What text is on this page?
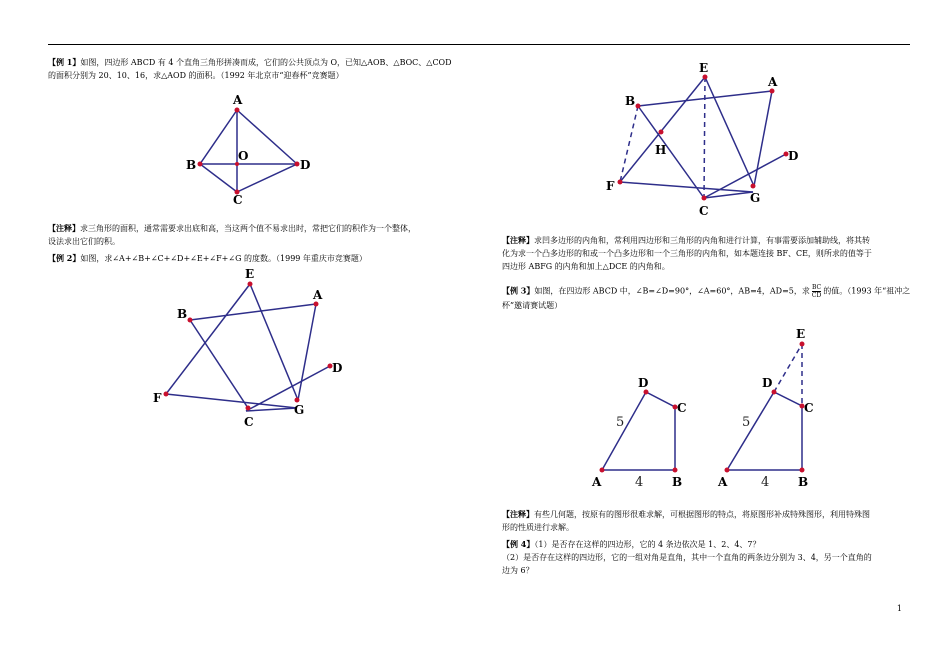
【例 1】如图，四边形 ABCD 有 4 个直角三角形拼凑而成，它们的公共顶点为 O，已知△AOB、△BOC、△COD
的面积分别为 20、10、16，求△AOD 的面积。（1992 年北京市“迎春杯”竞赛题）

A
B
O
D
C

【注释】求三角形的面积，通常需要求出底和高，当这两个值不易求出时，常把它们的积作为一个整体，
设法求出它们的积。

【例 2】如图，求∠A+∠B+∠C+∠D+∠E+∠F+∠G 的度数。（1999 年重庆市竞赛题）

E
A
B
D
F
G
C
E
A
B
H	D
F
G
C

【注释】求凹多边形的内角和，常利用四边形和三角形的内角和进行计算，有事需要添加辅助线，将其转
化为求一个凸多边形的和或一个凸多边形和一个三角形的内角和，如本题连接 BF、CE，则所求的值等于
四边形 ABFG 的内角和加上△DCE 的内角和。

【例 3】如图，在四边形 ABCD 中，∠B=∠D=90°，∠A=60°，AB=4，AD=5，求 $\frac{BC}{CD}$ 的值。（1993 年“祖冲之
杯”邀请赛试题）

D
C
A	B
5
4
E
D
C
A	B
5
4

【注释】有些几何题，按原有的图形很难求解，可根据图形的特点，将原图形补成特殊图形，利用特殊图
形的性质进行求解。

【例 4】（1）是否存在这样的四边形，它的 4 条边依次是 1、2、4、7？
（2）是否存在这样的四边形，它的一组对角是直角，其中一个直角的两条边分别为 3、4，另一个直角的
边为 6？

1
